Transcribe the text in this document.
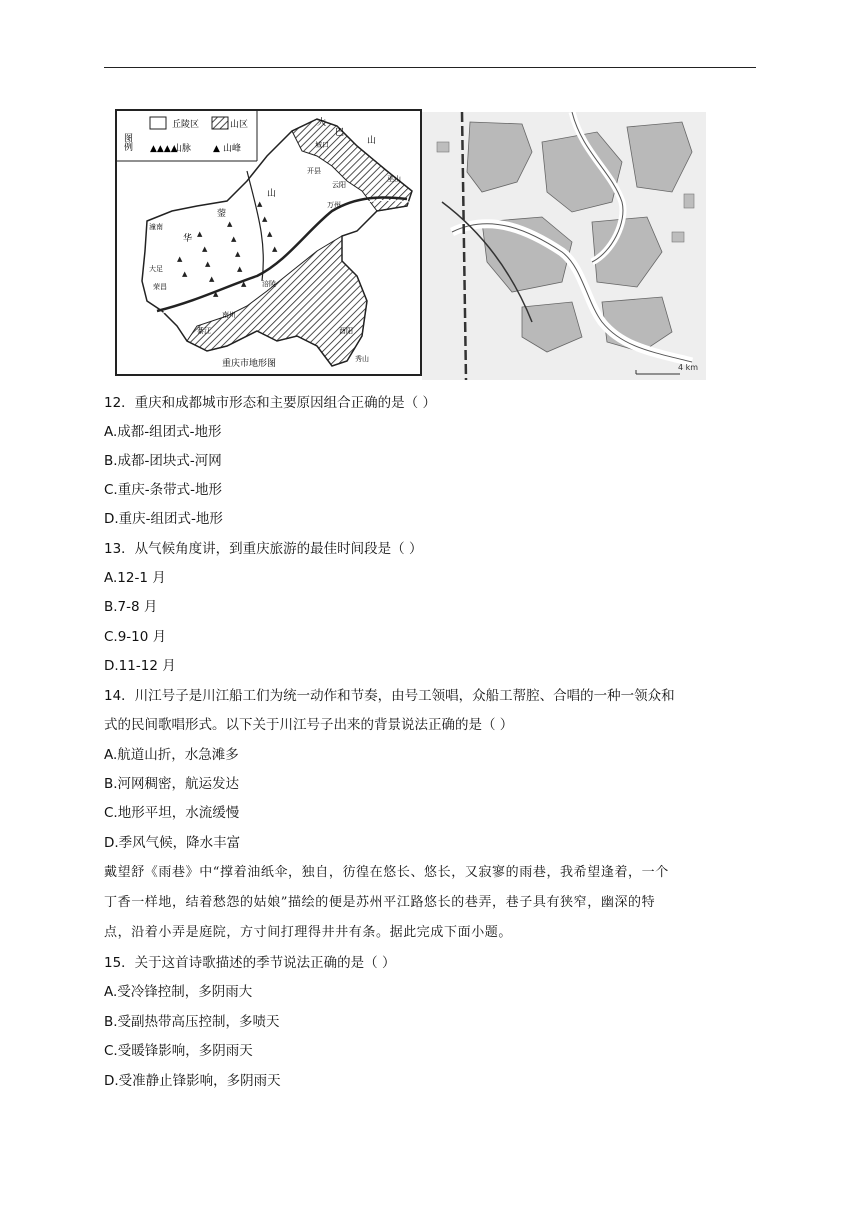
图例
丘陵区	山区
▲▲▲▲
山脉 ▲ 山峰
▲
▲
▲
▲
▲
▲
▲
▲
▲
▲
▲
▲
▲
▲
▲
▲
大
巴
山
开县
云阳
万州
潼南
大足
荣昌
綦江
南川
涪陵
酉阳
秀山
华
蓥
山
巫山
城口
重庆市地形图	4 km
12．重庆和成都城市形态和主要原因组合正确的是（ ）
A.成都-组团式-地形
B.成都-团块式-河网
C.重庆-条带式-地形
D.重庆-组团式-地形
13．从气候角度讲，到重庆旅游的最佳时间段是（ ）
A.12-1 月
B.7-8 月
C.9-10 月
D.11-12 月
14．川江号子是川江船工们为统一动作和节奏，由号工领唱，众船工帮腔、合唱的一种一领众和
式的民间歌唱形式。以下关于川江号子出来的背景说法正确的是（ ）
A.航道山折，水急滩多
B.河网稠密，航运发达
C.地形平坦，水流缓慢
D.季风气候，降水丰富
戴望舒《雨巷》中“撑着油纸伞，独自，彷徨在悠长、悠长，又寂寥的雨巷，我希望逢着，一个
丁香一样地，结着愁怨的姑娘”描绘的便是苏州平江路悠长的巷弄，巷子具有狭窄，幽深的特
点，沿着小弄是庭院，方寸间打理得井井有条。据此完成下面小题。
15．关于这首诗歌描述的季节说法正确的是（ ）
A.受冷锋控制，多阴雨大
B.受副热带高压控制，多啧天
C.受暖锋影响，多阴雨天
D.受准静止锋影响，多阴雨天
